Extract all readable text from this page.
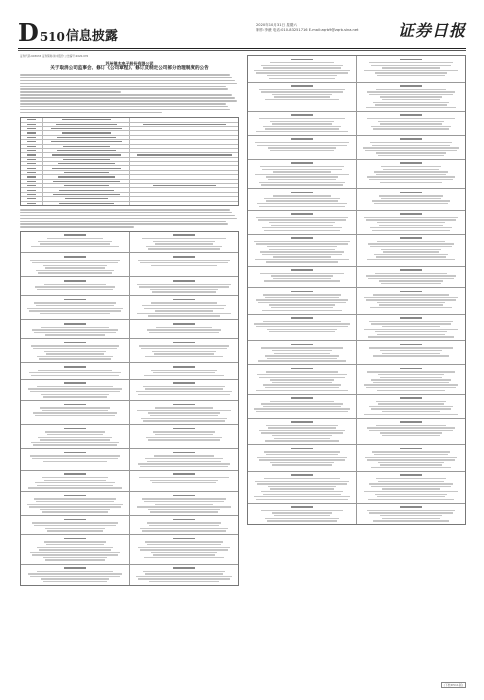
D 510 信息披露
2020年10月31日 星期六
制作:李薇 电话:010-83251716 E-mail:zqrb9@zqrb.sina.net	证券日报
证券代码:603633 证券简称:徕木股份 公告编号:2020-076
苏州徕木电子股份有限公司
关于取消公司监事会、修订《公司章程》、修订及制定公司部分治理制度的公告
(下转D511版)
